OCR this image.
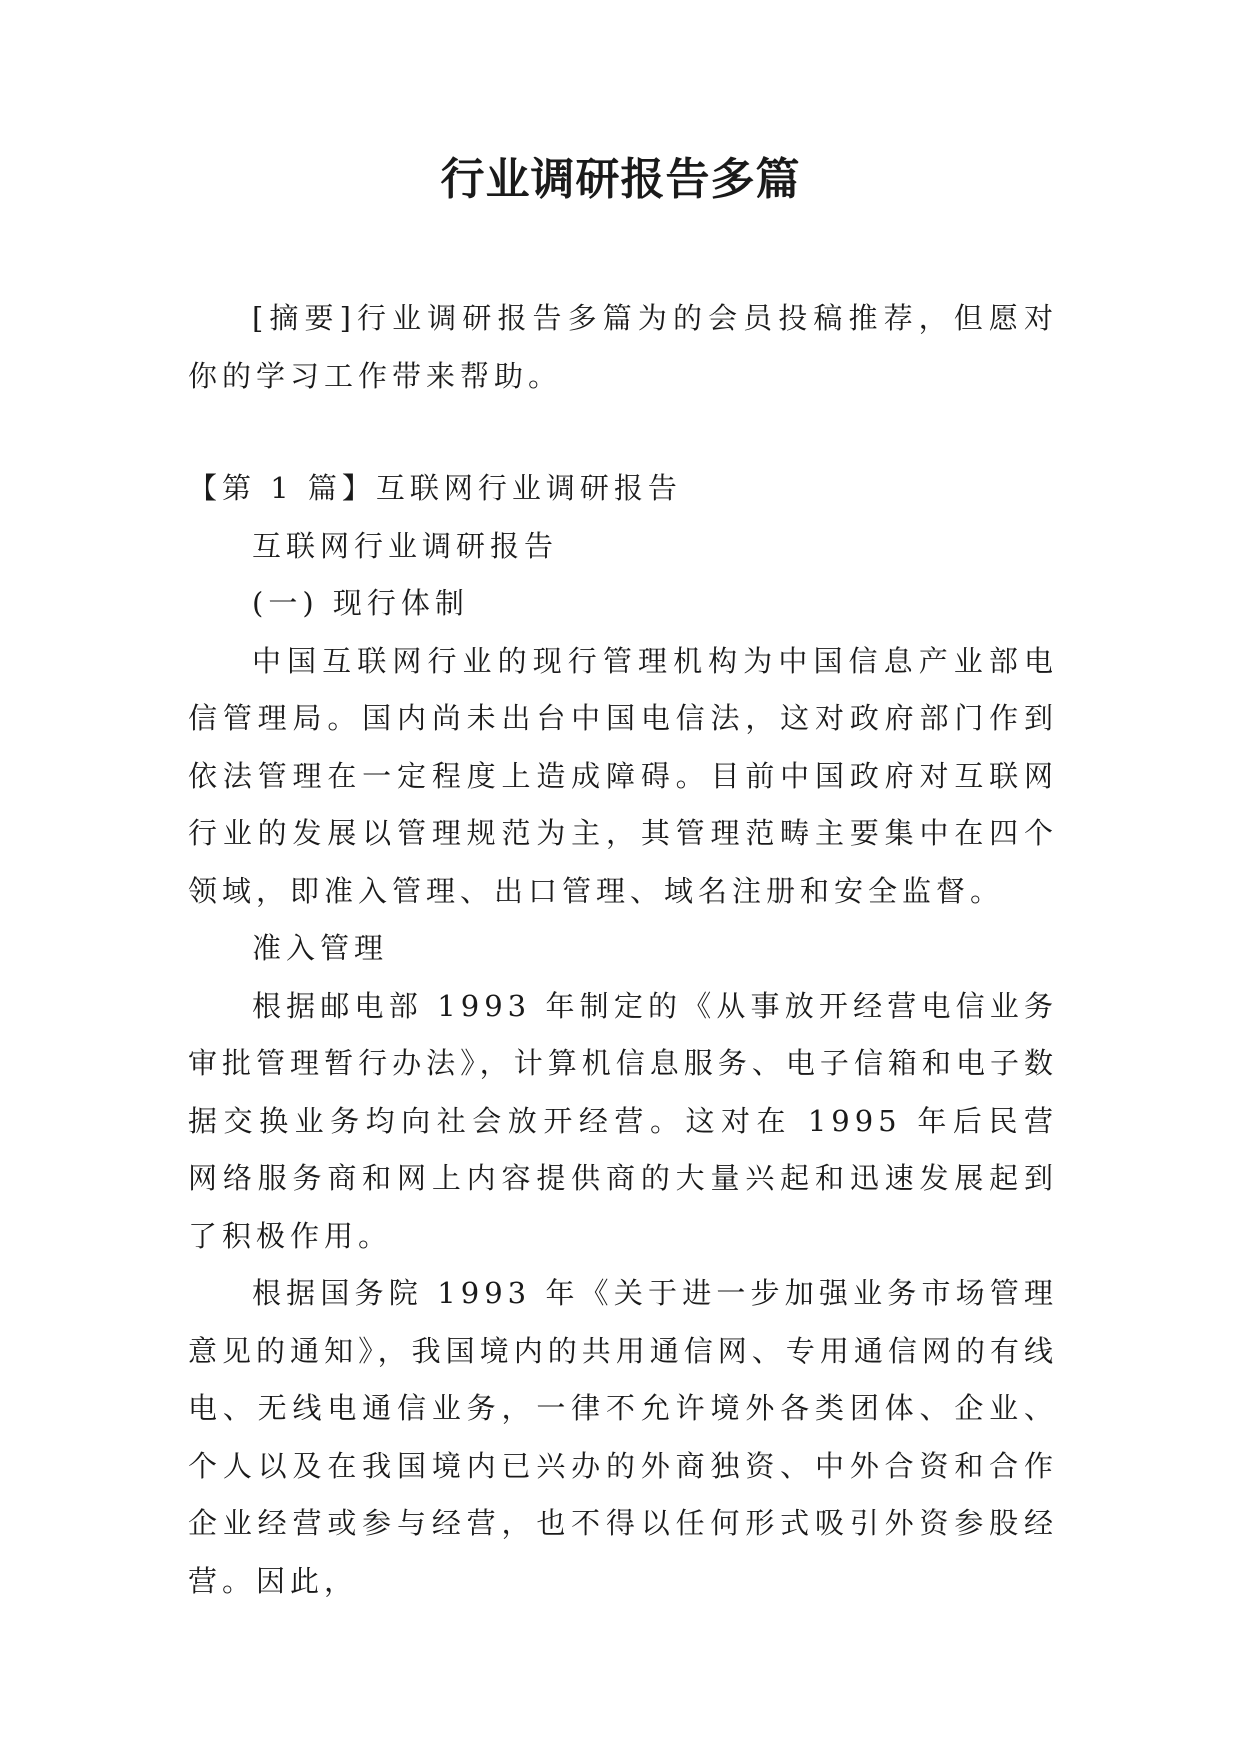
行业调研报告多篇

[摘要]行业调研报告多篇为的会员投稿推荐，但愿对你的学习工作带来帮助。

【第 1 篇】互联网行业调研报告

互联网行业调研报告

(一) 现行体制

中国互联网行业的现行管理机构为中国信息产业部电信管理局。国内尚未出台中国电信法，这对政府部门作到依法管理在一定程度上造成障碍。目前中国政府对互联网行业的发展以管理规范为主，其管理范畴主要集中在四个领域，即准入管理、出口管理、域名注册和安全监督。

准入管理

根据邮电部 1993 年制定的《从事放开经营电信业务审批管理暂行办法》，计算机信息服务、电子信箱和电子数据交换业务均向社会放开经营。这对在 1995 年后民营网络服务商和网上内容提供商的大量兴起和迅速发展起到了积极作用。

根据国务院 1993 年《关于进一步加强业务市场管理意见的通知》，我国境内的共用通信网、专用通信网的有线电、无线电通信业务，一律不允许境外各类团体、企业、个人以及在我国境内已兴办的外商独资、中外合资和合作企业经营或参与经营，也不得以任何形式吸引外资参股经营。因此，
